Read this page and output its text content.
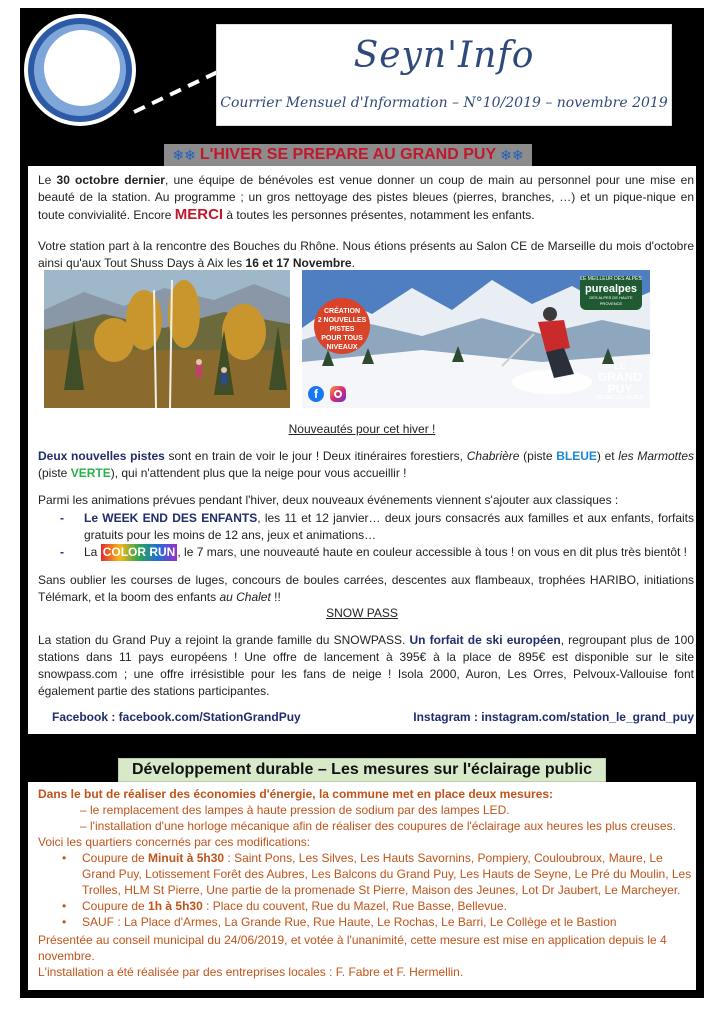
Seyn'Info
Courrier Mensuel d'Information – N°10/2019 – novembre 2019
❄❄ L'HIVER SE PREPARE AU GRAND PUY ❄❄
Le 30 octobre dernier, une équipe de bénévoles est venue donner un coup de main au personnel pour une mise en beauté de la station. Au programme ; un gros nettoyage des pistes bleues (pierres, branches, …) et un pique-nique en toute convivialité. Encore MERCI à toutes les personnes présentes, notamment les enfants.
Votre station part à la rencontre des Bouches du Rhône. Nous étions présents au Salon CE de Marseille du mois d'octobre ainsi qu'aux Tout Shuss Days à Aix les 16 et 17 Novembre.
CRÉATION
2 NOUVELLES
PISTES
POUR TOUS
NIVEAUX
LE MEILLEUR DES ALPES
purealpes
DES ALPES DE HAUTE PROVENCE
LE
GRAND
PUY
SEYNE-LES-ALPES
f
Nouveautés pour cet hiver !
Deux nouvelles pistes sont en train de voir le jour ! Deux itinéraires forestiers, Chabrière (piste BLEUE) et les Marmottes (piste VERTE), qui n'attendent plus que la neige pour vous accueillir !
Parmi les animations prévues pendant l'hiver, deux nouveaux événements viennent s'ajouter aux classiques :
- Le WEEK END DES ENFANTS, les 11 et 12 janvier… deux jours consacrés aux familles et aux enfants, forfaits gratuits pour les moins de 12 ans, jeux et animations…
- La COLOR RUN , le 7 mars, une nouveauté haute en couleur accessible à tous ! on vous en dit plus très bientôt !
Sans oublier les courses de luges, concours de boules carrées, descentes aux flambeaux, trophées HARIBO, initiations Télémark, et la boom des enfants au Chalet !!
SNOW PASS
La station du Grand Puy a rejoint la grande famille du SNOWPASS. Un forfait de ski européen, regroupant plus de 100 stations dans 11 pays européens ! Une offre de lancement à 395€ à la place de 895€ est disponible sur le site snowpass.com ; une offre irrésistible pour les fans de neige ! Isola 2000, Auron, Les Orres, Pelvoux-Vallouise font également partie des stations participantes.
Facebook : facebook.com/StationGrandPuy	Instagram : instagram.com/station_le_grand_puy
Développement durable – Les mesures sur l'éclairage public
Dans le but de réaliser des économies d'énergie, la commune met en place deux mesures:
– le remplacement des lampes à haute pression de sodium par des lampes LED.
– l'installation d'une horloge mécanique afin de réaliser des coupures de l'éclairage aux heures les plus creuses.
Voici les quartiers concernés par ces modifications:
• Coupure de Minuit à 5h30 : Saint Pons, Les Silves, Les Hauts Savornins, Pompiery, Couloubroux, Maure, Le Grand Puy, Lotissement Forêt des Aubres, Les Balcons du Grand Puy, Les Hauts de Seyne, Le Pré du Moulin, Les Trolles, HLM St Pierre, Une partie de la promenade St Pierre, Maison des Jeunes, Lot Dr Jaubert, Le Marcheyer.
• Coupure de 1h à 5h30 : Place du couvent, Rue du Mazel, Rue Basse, Bellevue.
• SAUF : La Place d'Armes, La Grande Rue, Rue Haute, Le Rochas, Le Barri, Le Collège et le Bastion
Présentée au conseil municipal du 24/06/2019, et votée à l'unanimité, cette mesure est mise en application depuis le 4 novembre.
L'installation a été réalisée par des entreprises locales : F. Fabre et F. Hermellin.
